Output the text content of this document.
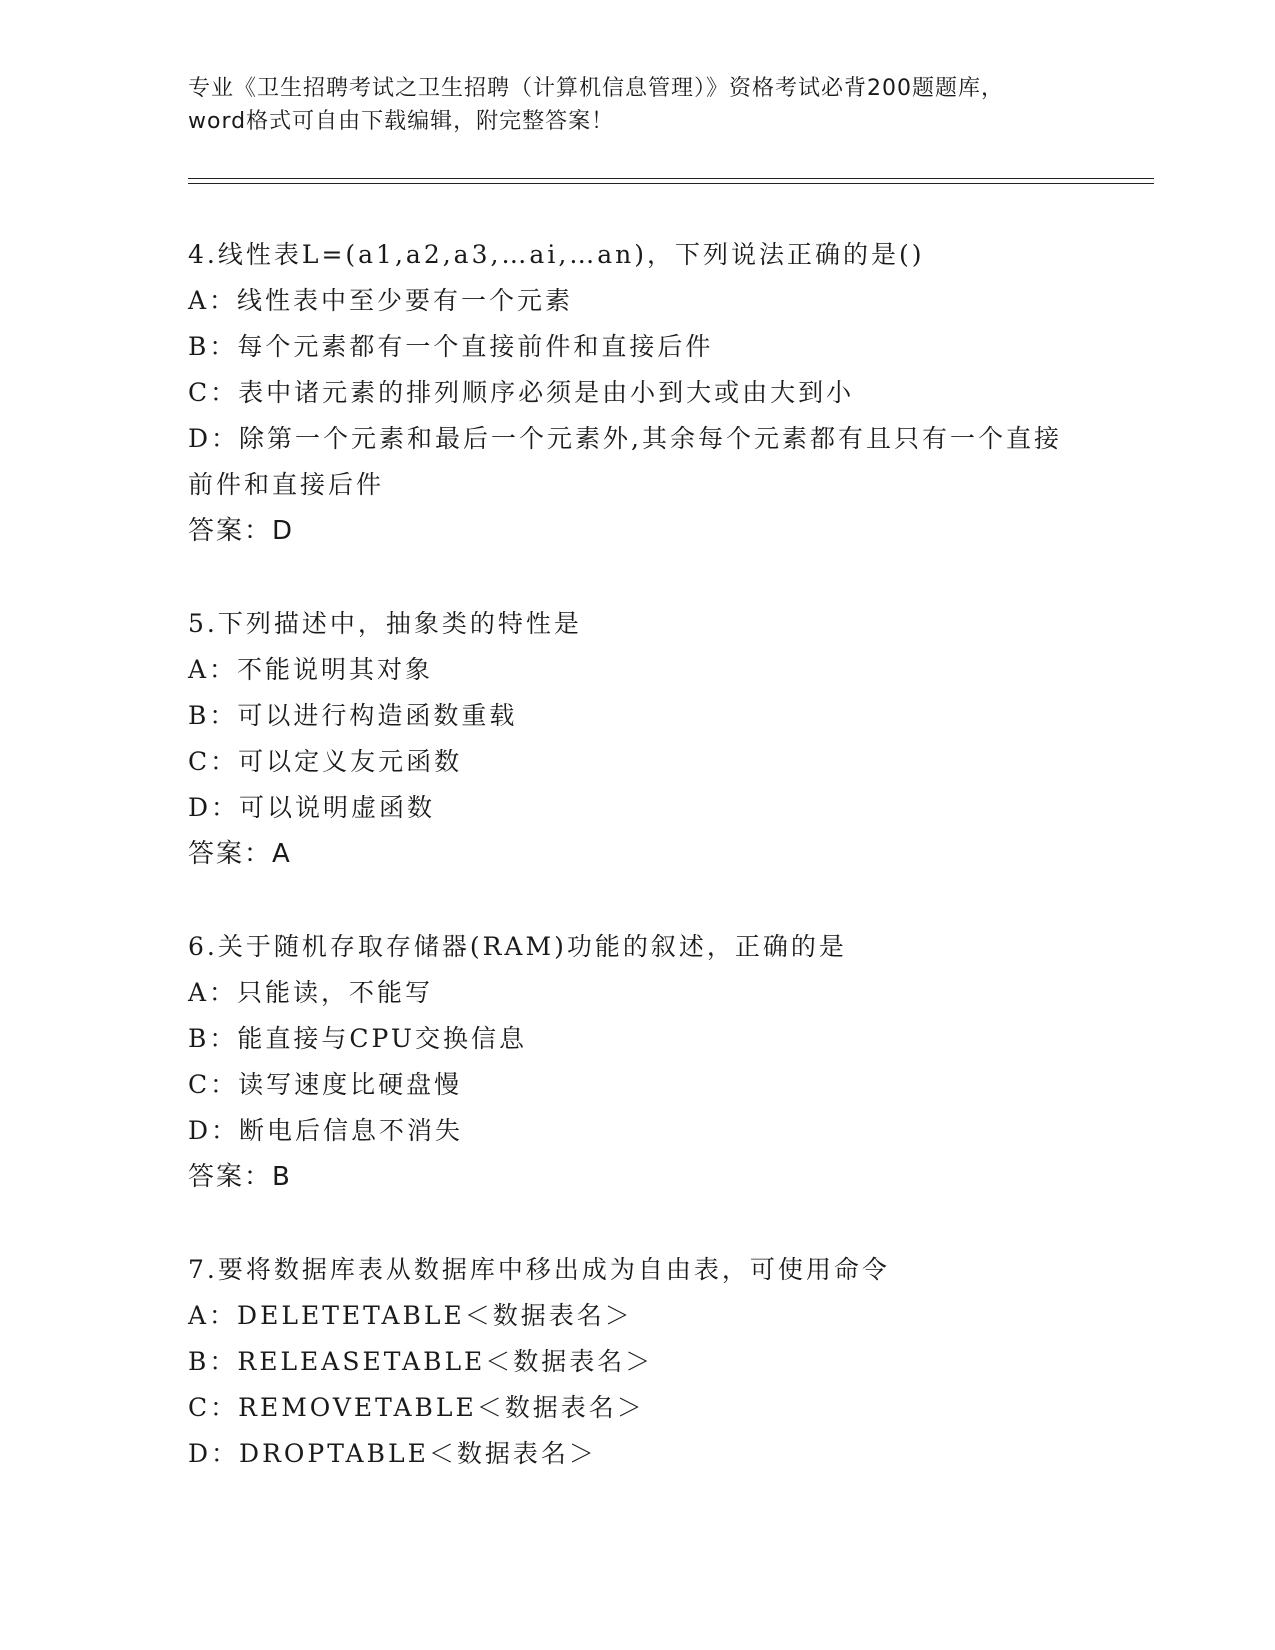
专业《卫生招聘考试之卫生招聘（计算机信息管理）》资格考试必背200题题库，
word格式可自由下载编辑，附完整答案！
4.线性表L=(a1,a2,a3,…ai,…an)，下列说法正确的是()
A：线性表中至少要有一个元素
B：每个元素都有一个直接前件和直接后件
C：表中诸元素的排列顺序必须是由小到大或由大到小
D：除第一个元素和最后一个元素外,其余每个元素都有且只有一个直接前件和直接后件
答案：D
5.下列描述中，抽象类的特性是
A：不能说明其对象
B：可以进行构造函数重载
C：可以定义友元函数
D：可以说明虚函数
答案：A
6.关于随机存取存储器(RAM)功能的叙述，正确的是
A：只能读，不能写
B：能直接与CPU交换信息
C：读写速度比硬盘慢
D：断电后信息不消失
答案：B
7.要将数据库表从数据库中移出成为自由表，可使用命令
A：DELETETABLE＜数据表名＞
B：RELEASETABLE＜数据表名＞
C：REMOVETABLE＜数据表名＞
D：DROPTABLE＜数据表名＞
